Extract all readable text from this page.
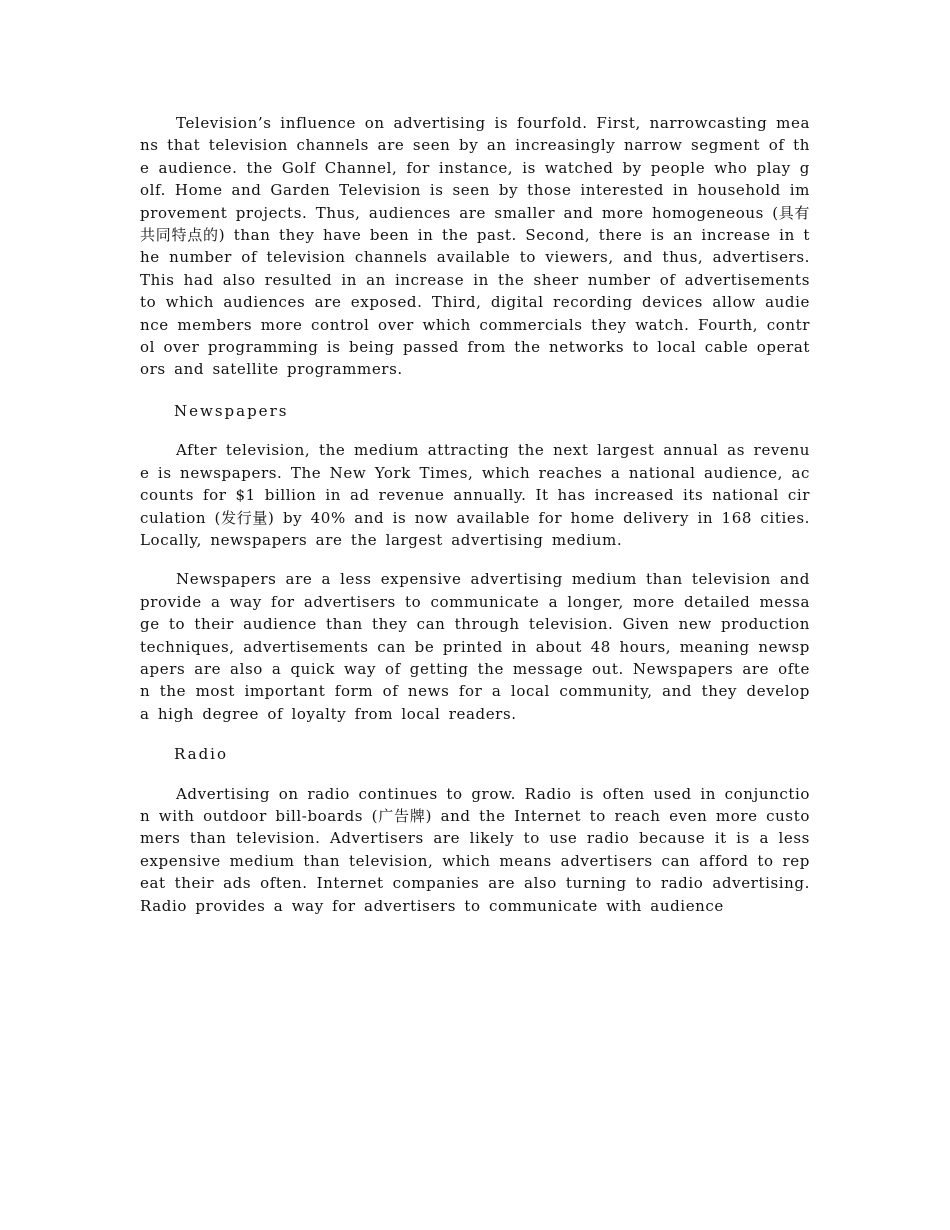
Television’s influence on advertising is fourfold. First, narrowcasting means that television channels are seen by an increasingly narrow segment of the audience. the Golf Channel, for instance, is watched by people who play golf. Home and Garden Television is seen by those interested in household improvement projects. Thus, audiences are smaller and more homogeneous (具有共同特点的) than they have been in the past. Second, there is an increase in the number of television channels available to viewers, and thus, advertisers. This had also resulted in an increase in the sheer number of advertisements to which audiences are exposed. Third, digital recording devices allow audience members more control over which commercials they watch. Fourth, control over programming is being passed from the networks to local cable operators and satellite programmers.

Newspapers

After television, the medium attracting the next largest annual as revenue is newspapers. The New York Times, which reaches a national audience, accounts for $1 billion in ad revenue annually. It has increased its national circulation (发行量) by 40% and is now available for home delivery in 168 cities. Locally, newspapers are the largest advertising medium.

Newspapers are a less expensive advertising medium than television and provide a way for advertisers to communicate a longer, more detailed message to their audience than they can through television. Given new production techniques, advertisements can be printed in about 48 hours, meaning newspapers are also a quick way of getting the message out. Newspapers are often the most important form of news for a local community, and they develop a high degree of loyalty from local readers.

Radio

Advertising on radio continues to grow. Radio is often used in conjunction with outdoor bill-boards (广告牌) and the Internet to reach even more customers than television. Advertisers are likely to use radio because it is a less expensive medium than television, which means advertisers can afford to repeat their ads often. Internet companies are also turning to radio advertising. Radio provides a way for advertisers to communicate with audience
